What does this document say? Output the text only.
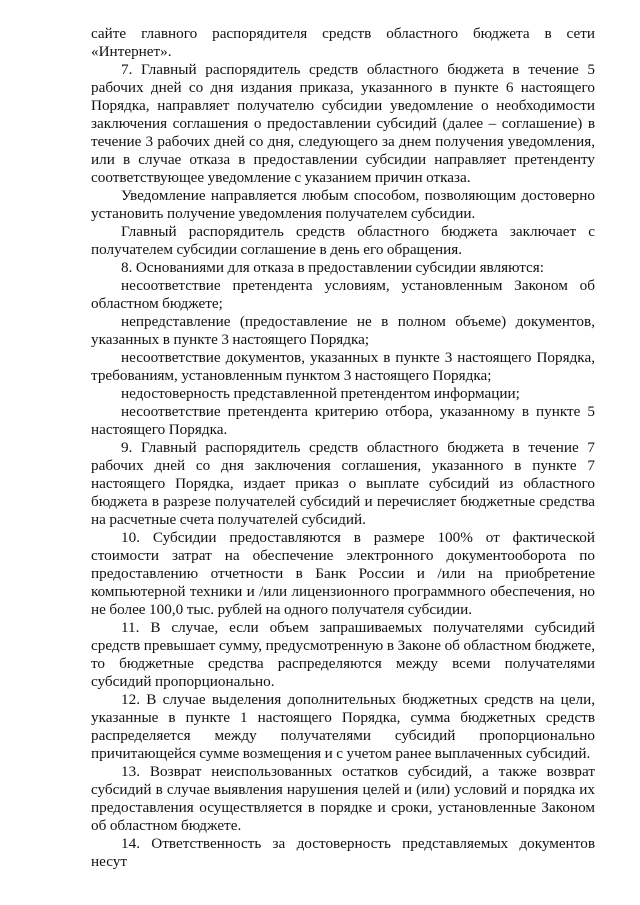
сайте главного распорядителя средств областного бюджета в сети «Интернет».

7. Главный распорядитель средств областного бюджета в течение 5 рабочих дней со дня издания приказа, указанного в пункте 6 настоящего Порядка, направляет получателю субсидии уведомление о необходимости заключения соглашения о предоставлении субсидий (далее – соглашение) в течение 3 рабочих дней со дня, следующего за днем получения уведомления, или в случае отказа в предоставлении субсидии направляет претенденту соответствующее уведомление с указанием причин отказа.

Уведомление направляется любым способом, позволяющим достоверно установить получение уведомления получателем субсидии.

Главный распорядитель средств областного бюджета заключает с получателем субсидии соглашение в день его обращения.

8. Основаниями для отказа в предоставлении субсидии являются:

несоответствие претендента условиям, установленным Законом об областном бюджете;

непредставление (предоставление не в полном объеме) документов, указанных в пункте 3 настоящего Порядка;

несоответствие документов, указанных в пункте 3 настоящего Порядка, требованиям, установленным пунктом 3 настоящего Порядка;

недостоверность представленной претендентом информации;

несоответствие претендента критерию отбора, указанному в пункте 5 настоящего Порядка.

9. Главный распорядитель средств областного бюджета в течение 7 рабочих дней со дня заключения соглашения, указанного в пункте 7 настоящего Порядка, издает приказ о выплате субсидий из областного бюджета в разрезе получателей субсидий и перечисляет бюджетные средства на расчетные счета получателей субсидий.

10. Субсидии предоставляются в размере 100% от фактической стоимости затрат на обеспечение электронного документооборота по предоставлению отчетности в Банк России и /или на приобретение компьютерной техники и /или лицензионного программного обеспечения, но не более 100,0 тыс. рублей на одного получателя субсидии.

11. В случае, если объем запрашиваемых получателями субсидий средств превышает сумму, предусмотренную в Законе об областном бюджете, то бюджетные средства распределяются между всеми получателями субсидий пропорционально.

12. В случае выделения дополнительных бюджетных средств на цели, указанные в пункте 1 настоящего Порядка, сумма бюджетных средств распределяется между получателями субсидий пропорционально причитающейся сумме возмещения и с учетом ранее выплаченных субсидий.

13. Возврат неиспользованных остатков субсидий, а также возврат субсидий в случае выявления нарушения целей и (или) условий и порядка их предоставления осуществляется в порядке и сроки, установленные Законом об областном бюджете.

14. Ответственность за достоверность представляемых документов несут
